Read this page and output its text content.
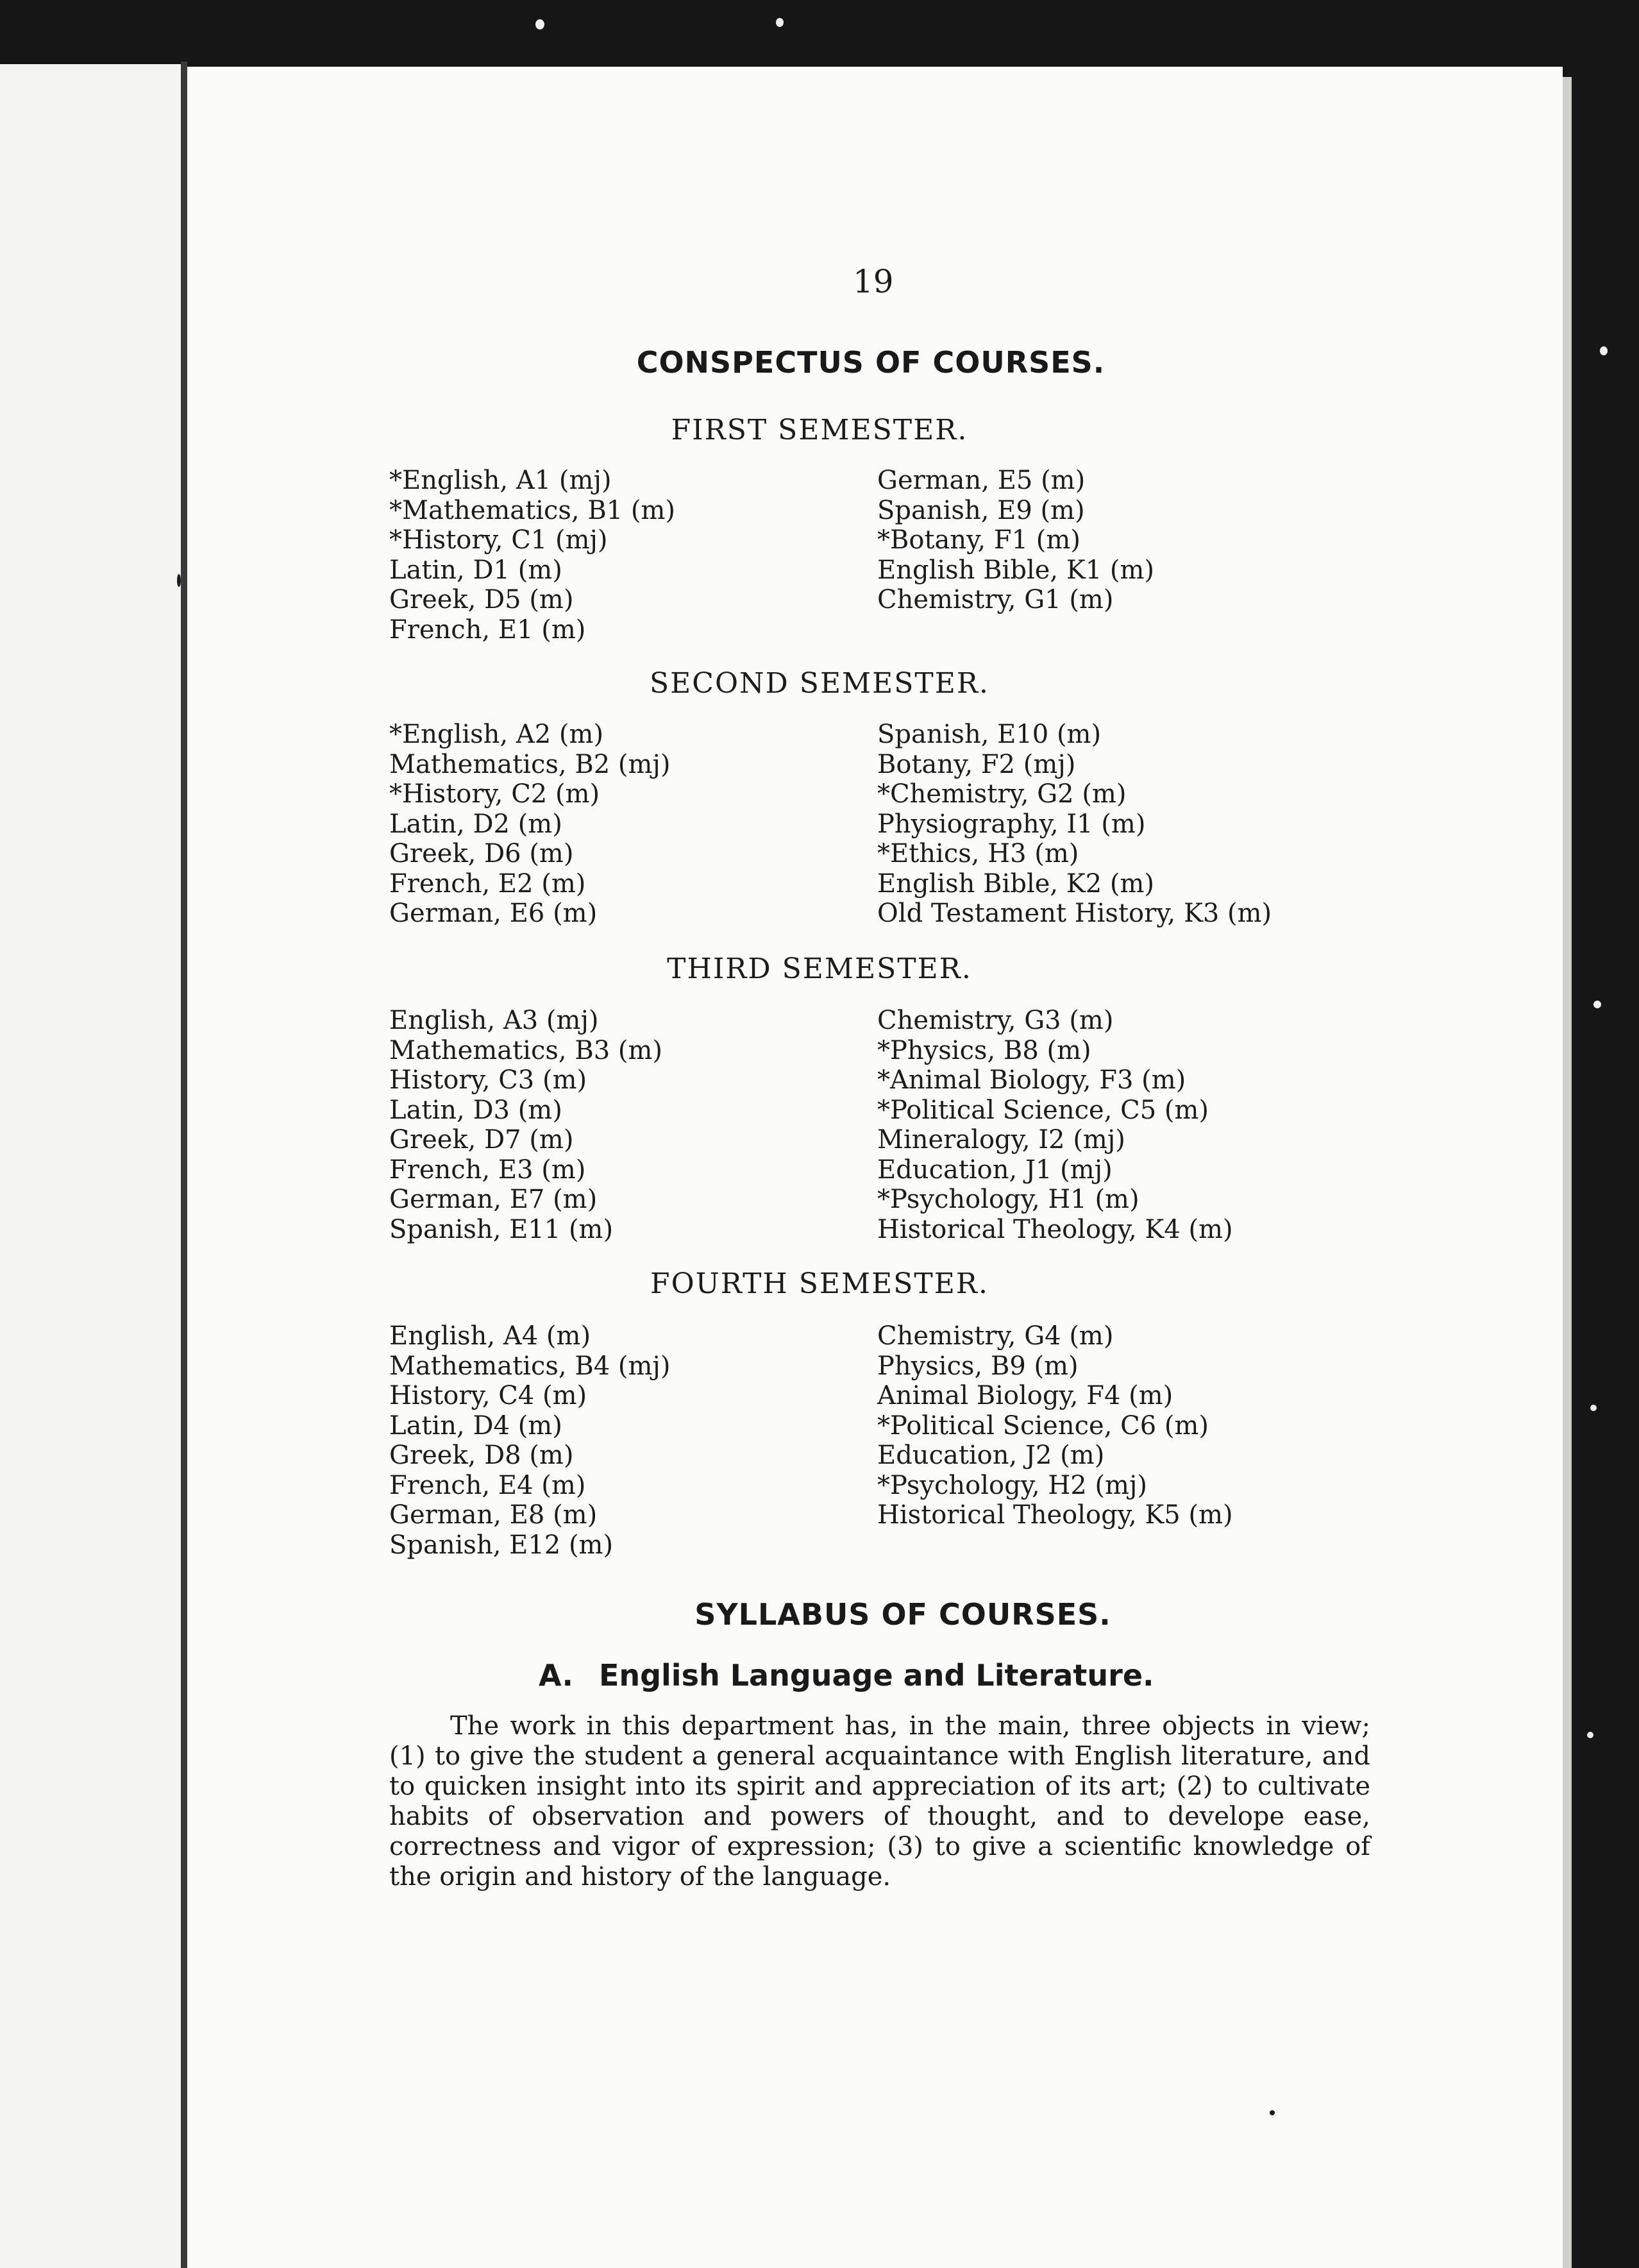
19
CONSPECTUS OF COURSES.
FIRST SEMESTER.
*English, A1 (mj)
*Mathematics, B1 (m)
*History, C1 (mj)
Latin, D1 (m)
Greek, D5 (m)
French, E1 (m)
German, E5 (m)
Spanish, E9 (m)
*Botany, F1 (m)
English Bible, K1 (m)
Chemistry, G1 (m)
SECOND SEMESTER.
*English, A2 (m)
Mathematics, B2 (mj)
*History, C2 (m)
Latin, D2 (m)
Greek, D6 (m)
French, E2 (m)
German, E6 (m)
Spanish, E10 (m)
Botany, F2 (mj)
*Chemistry, G2 (m)
Physiography, I1 (m)
*Ethics, H3 (m)
English Bible, K2 (m)
Old Testament History, K3 (m)
THIRD SEMESTER.
English, A3 (mj)
Mathematics, B3 (m)
History, C3 (m)
Latin, D3 (m)
Greek, D7 (m)
French, E3 (m)
German, E7 (m)
Spanish, E11 (m)
Chemistry, G3 (m)
*Physics, B8 (m)
*Animal Biology, F3 (m)
*Political Science, C5 (m)
Mineralogy, I2 (mj)
Education, J1 (mj)
*Psychology, H1 (m)
Historical Theology, K4 (m)
FOURTH SEMESTER.
English, A4 (m)
Mathematics, B4 (mj)
History, C4 (m)
Latin, D4 (m)
Greek, D8 (m)
French, E4 (m)
German, E8 (m)
Spanish, E12 (m)
Chemistry, G4 (m)
Physics, B9 (m)
Animal Biology, F4 (m)
*Political Science, C6 (m)
Education, J2 (m)
*Psychology, H2 (mj)
Historical Theology, K5 (m)
SYLLABUS OF COURSES.
A. English Language and Literature.
The work in this department has, in the main, three objects in view; (1) to give the student a general acquaintance with English literature, and to quicken insight into its spirit and appreciation of its art; (2) to cultivate habits of observation and powers of thought, and to develope ease, correctness and vigor of expression; (3) to give a scientific knowledge of the origin and history of the language.
